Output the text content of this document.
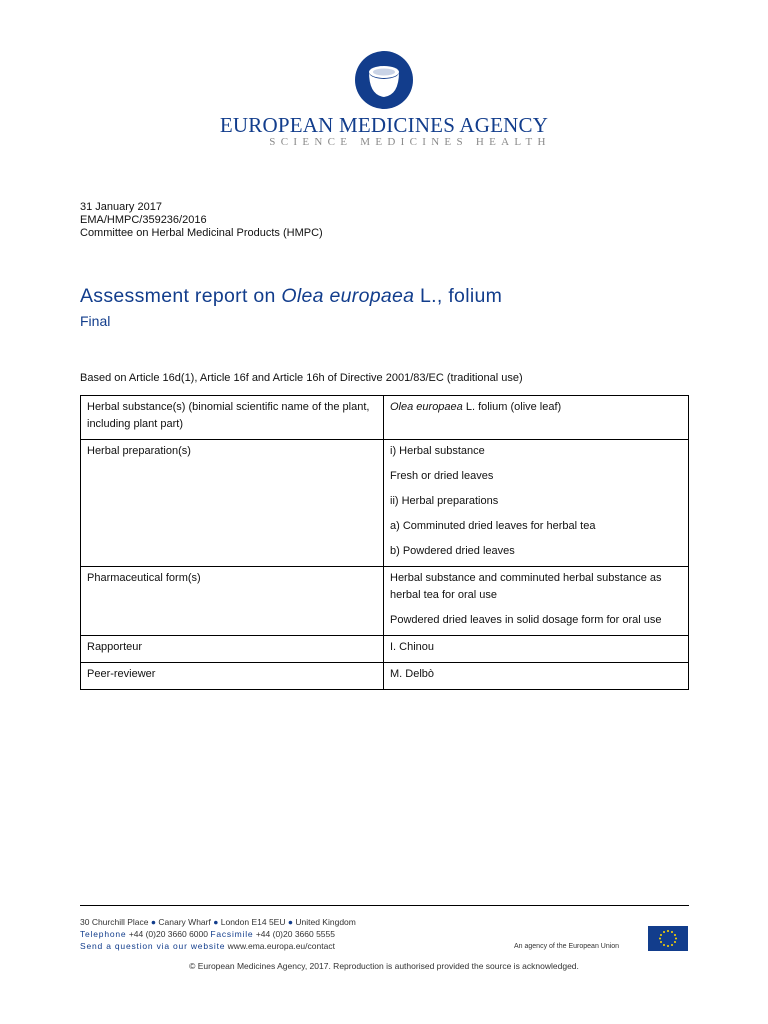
EUROPEAN MEDICINES AGENCY
SCIENCE MEDICINES HEALTH
31 January 2017
EMA/HMPC/359236/2016
Committee on Herbal Medicinal Products (HMPC)
Assessment report on Olea europaea L., folium
Final
Based on Article 16d(1), Article 16f and Article 16h of Directive 2001/83/EC (traditional use)
Herbal substance(s) (binomial scientific name of the plant, including plant part)	Olea europaea L. folium (olive leaf)
Herbal preparation(s)	i) Herbal substance

Fresh or dried leaves

ii) Herbal preparations

a) Comminuted dried leaves for herbal tea

b) Powdered dried leaves

Pharmaceutical form(s)	Herbal substance and comminuted herbal substance as herbal tea for oral use

Powdered dried leaves in solid dosage form for oral use

Rapporteur	I. Chinou
Peer-reviewer	M. Delbò
30 Churchill Place ● Canary Wharf ● London E14 5EU ● United Kingdom
Telephone +44 (0)20 3660 6000 Facsimile +44 (0)20 3660 5555
Send a question via our website www.ema.europa.eu/contact	An agency of the European Union
© European Medicines Agency, 2017. Reproduction is authorised provided the source is acknowledged.
